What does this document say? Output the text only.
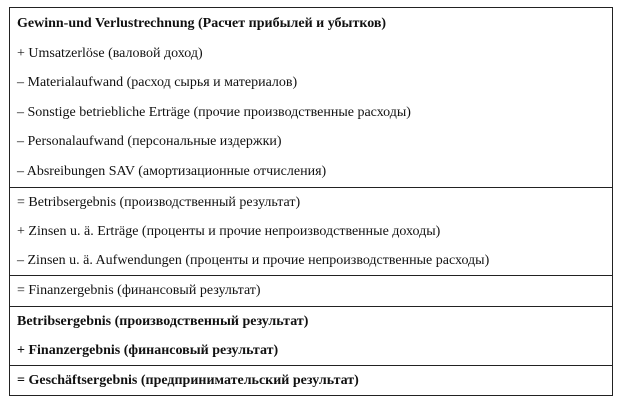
Gewinn-und Verlustrechnung (Расчет прибылей и убытков)
+ Umsatzerlöse (валовой доход)
– Materialaufwand (расход сырья и материалов)
– Sonstige betriebliche Erträge (прочие производственные расходы)
– Personalaufwand (персональные издержки)
– Absreibungen SAV (амортизационные отчисления)
= Betribsergebnis (производственный результат)
+ Zinsen u. ä. Erträge (проценты и прочие непроизводственные доходы)
– Zinsen u. ä. Aufwendungen (проценты и прочие непроизводственные расходы)
= Finanzergebnis (финансовый результат)
Betribsergebnis (производственный результат)
+ Finanzergebnis (финансовый результат)
= Geschäftsergebnis (предпринимательский результат)
